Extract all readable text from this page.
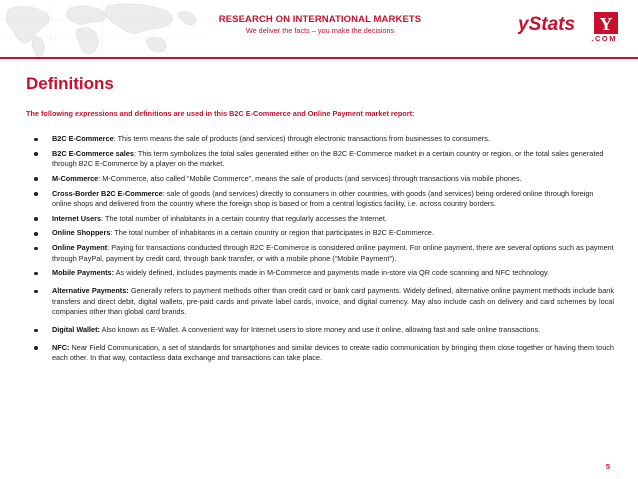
RESEARCH ON INTERNATIONAL MARKETS
We deliver the facts – you make the decisions	yStats Y
.COM
Definitions

The following expressions and definitions are used in this B2C E-Commerce and Online Payment market report:

B2C E-Commerce: This term means the sale of products (and services) through electronic transactions from businesses to consumers.
B2C E-Commerce sales: This term symbolizes the total sales generated either on the B2C E-Commerce market in a certain country or region, or the total sales generated through B2C E-Commerce by a player on the market.
M-Commerce: M-Commerce, also called “Mobile Commerce”, means the sale of products (and services) through transactions via mobile phones.
Cross-Border B2C E-Commerce: sale of goods (and services) directly to consumers in other countries, with goods (and services) being ordered online through foreign online shops and delivered from the country where the foreign shop is based or from a central logistics facility, i.e. across country borders.
Internet Users: The total number of inhabitants in a certain country that regularly accesses the Internet.
Online Shoppers: The total number of inhabitants in a certain country or region that participates in B2C E-Commerce.
Online Payment: Paying for transactions conducted through B2C E-Commerce is considered online payment. For online payment, there are several options such as payment through PayPal, payment by credit card, through bank transfer, or with a mobile phone (“Mobile Payment”).
Mobile Payments: As widely defined, includes payments made in M-Commerce and payments made in-store via QR code scanning and NFC technology.
Alternative Payments: Generally refers to payment methods other than credit card or bank card payments. Widely defined, alternative online payment methods include bank transfers and direct debit, digital wallets, pre-paid cards and private label cards, invoice, and digital currency. May also include cash on delivery and card schemes by local companies other than global card brands.
Digital Wallet: Also known as E-Wallet. A convenient way for Internet users to store money and use it online, allowing fast and safe online transactions.
NFC: Near Field Communication, a set of standards for smartphones and similar devices to create radio communication by bringing them close together or having them touch each other. In that way, contactless data exchange and transactions can take place.
5
